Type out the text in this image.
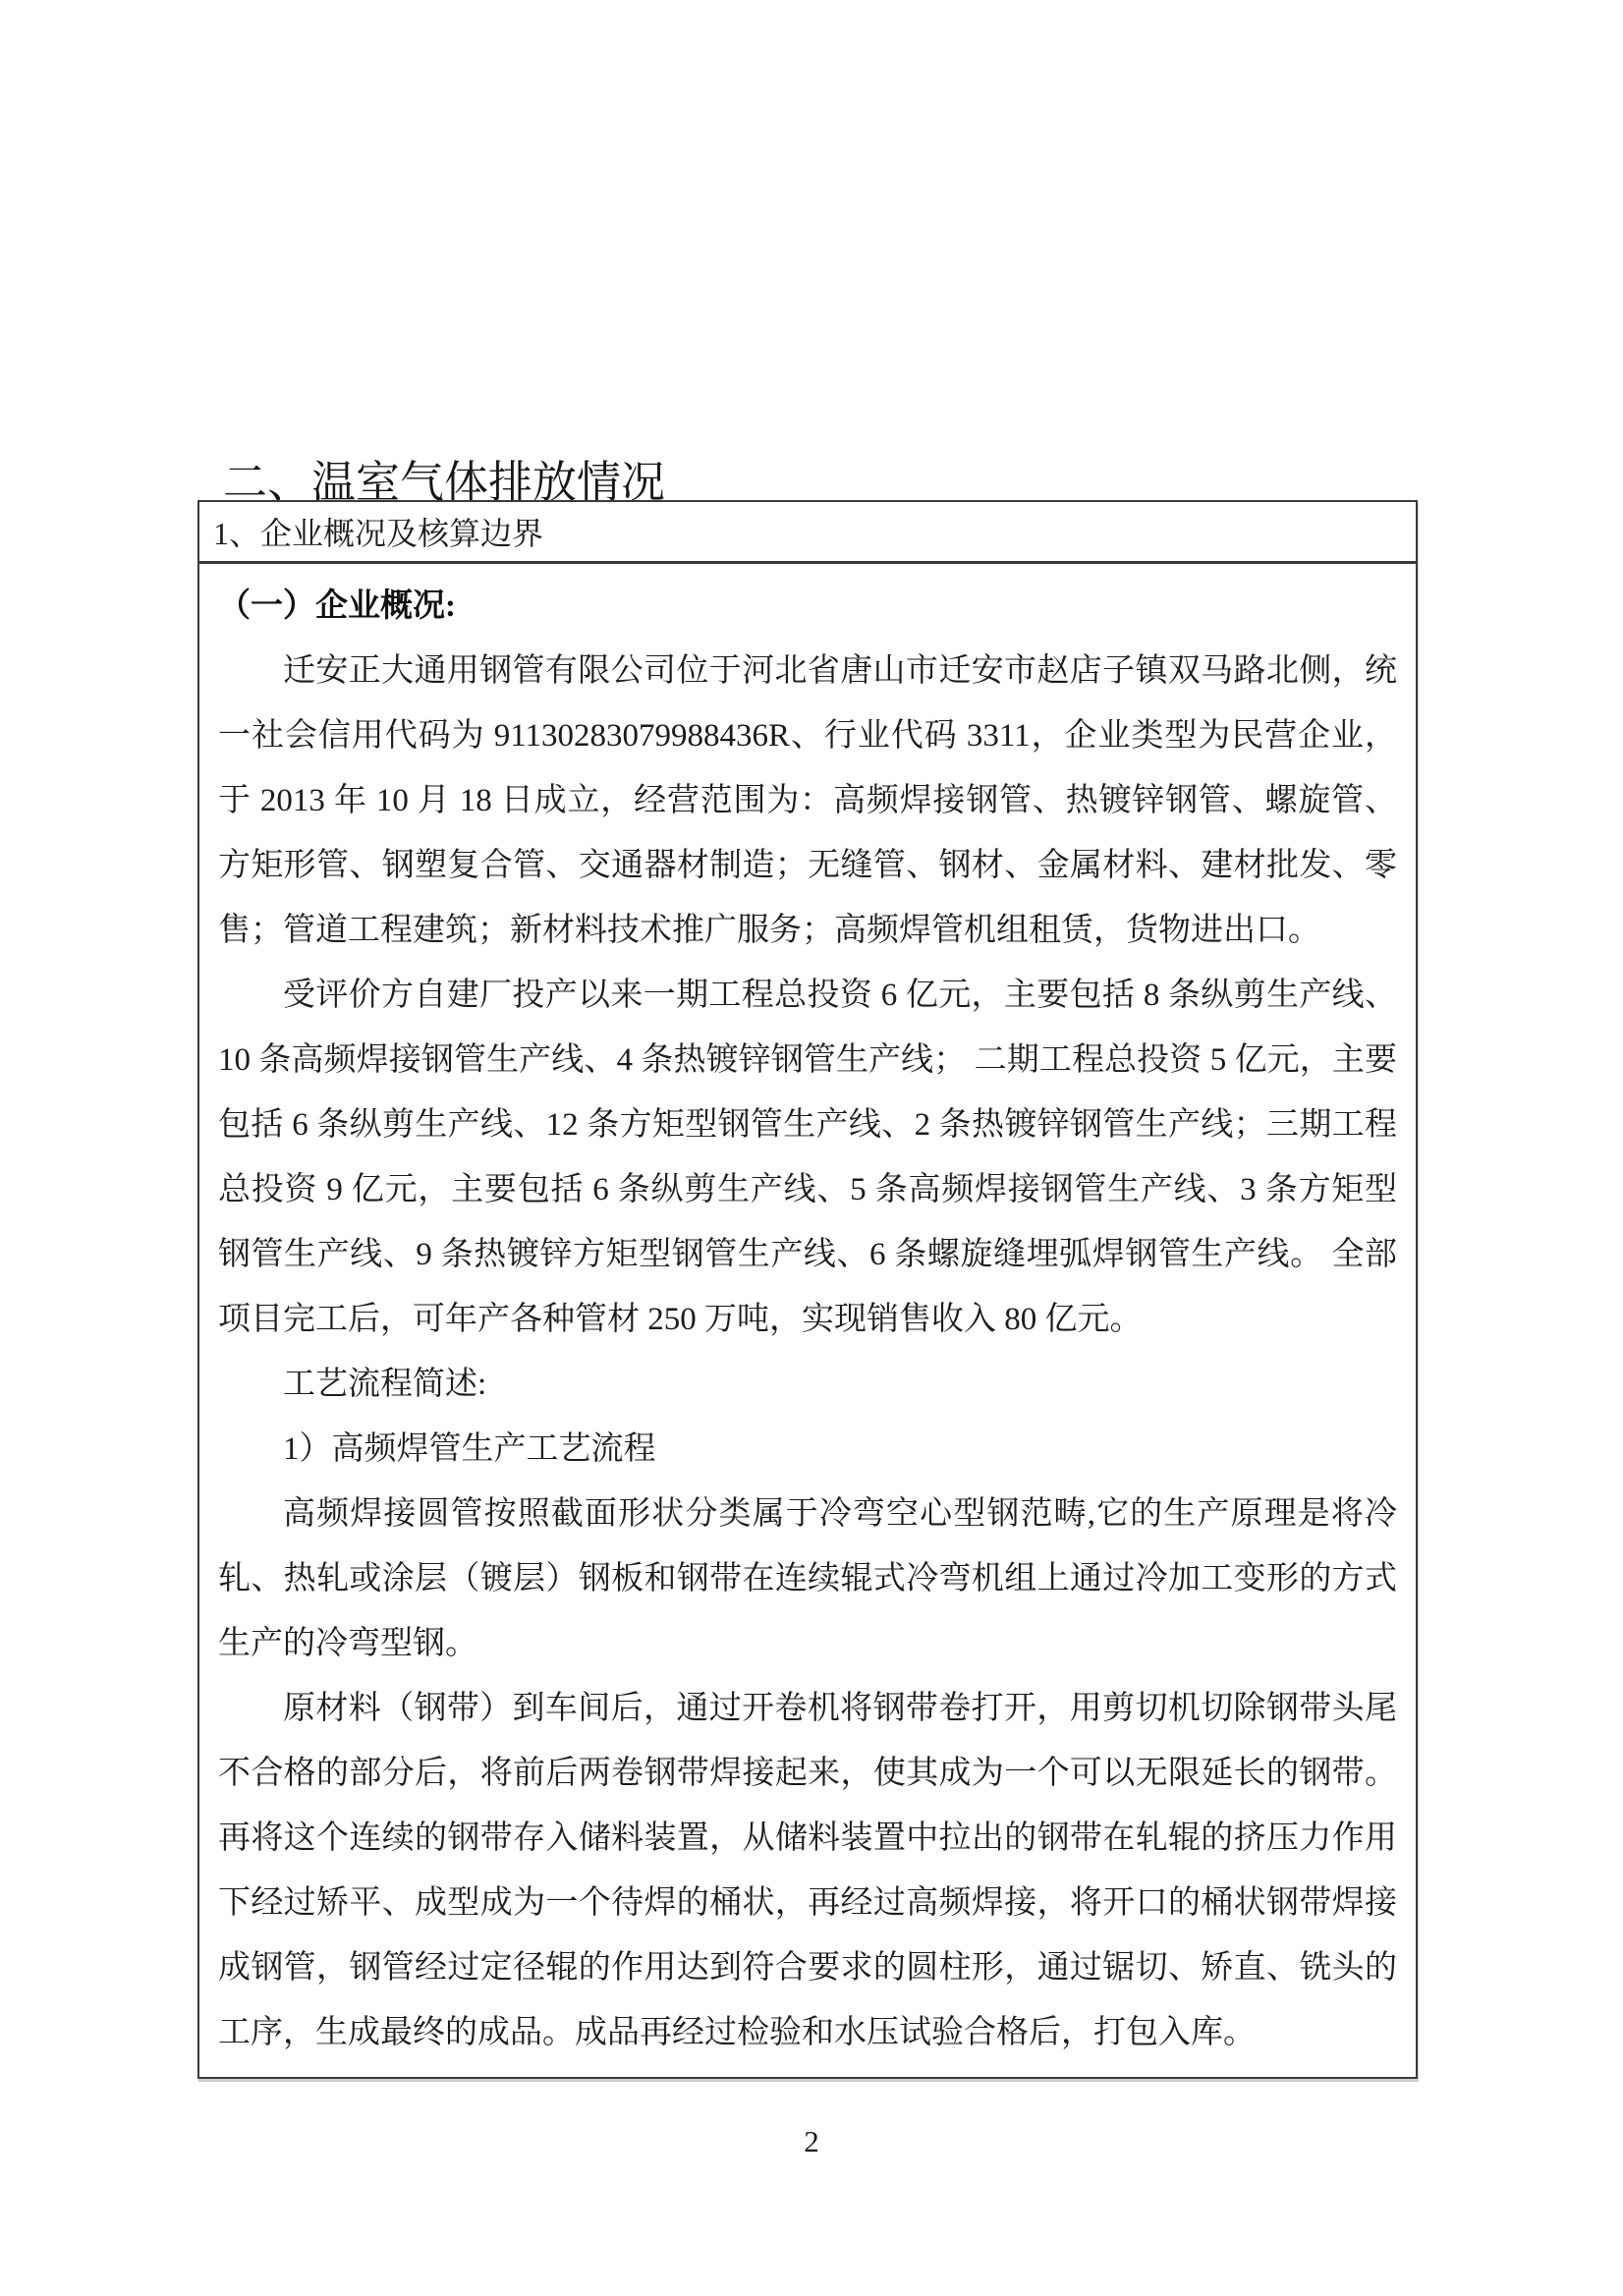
二、温室气体排放情况
1、企业概况及核算边界

（一）企业概况:

迁安正大通用钢管有限公司位于河北省唐山市迁安市赵店子镇双马路北侧，统一社会信用代码为 91130283079988436R、行业代码 3311，企业类型为民营企业，于 2013 年 10 月 18 日成立，经营范围为：高频焊接钢管、热镀锌钢管、螺旋管、方矩形管、钢塑复合管、交通器材制造；无缝管、钢材、金属材料、建材批发、零售；管道工程建筑；新材料技术推广服务；高频焊管机组租赁，货物进出口。

受评价方自建厂投产以来一期工程总投资 6 亿元，主要包括 8 条纵剪生产线、10 条高频焊接钢管生产线、4 条热镀锌钢管生产线； 二期工程总投资 5 亿元，主要包括 6 条纵剪生产线、12 条方矩型钢管生产线、2 条热镀锌钢管生产线；三期工程总投资 9 亿元，主要包括 6 条纵剪生产线、5 条高频焊接钢管生产线、3 条方矩型钢管生产线、9 条热镀锌方矩型钢管生产线、6 条螺旋缝埋弧焊钢管生产线。 全部项目完工后，可年产各种管材 250 万吨，实现销售收入 80 亿元。

工艺流程简述:

1）高频焊管生产工艺流程

高频焊接圆管按照截面形状分类属于冷弯空心型钢范畴,它的生产原理是将冷轧、热轧或涂层（镀层）钢板和钢带在连续辊式冷弯机组上通过冷加工变形的方式生产的冷弯型钢。

原材料（钢带）到车间后，通过开卷机将钢带卷打开，用剪切机切除钢带头尾不合格的部分后，将前后两卷钢带焊接起来，使其成为一个可以无限延长的钢带。再将这个连续的钢带存入储料装置，从储料装置中拉出的钢带在轧辊的挤压力作用下经过矫平、成型成为一个待焊的桶状，再经过高频焊接，将开口的桶状钢带焊接成钢管，钢管经过定径辊的作用达到符合要求的圆柱形，通过锯切、矫直、铣头的工序，生成最终的成品。成品再经过检验和水压试验合格后，打包入库。

2
